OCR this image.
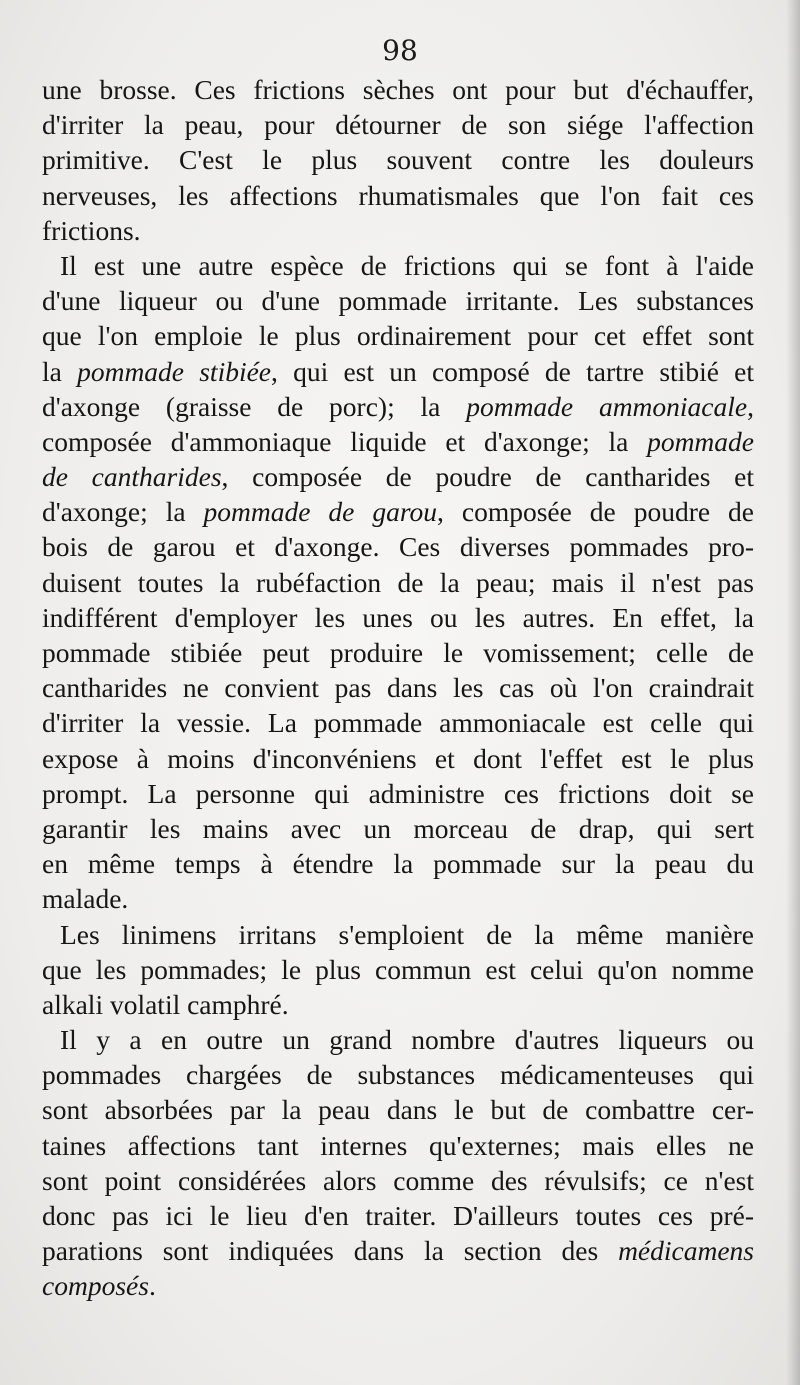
98
une brosse. Ces frictions sèches ont pour but d'échauffer,
d'irriter la peau, pour détourner de son siége l'affection
primitive. C'est le plus souvent contre les douleurs
nerveuses, les affections rhumatismales que l'on fait ces
frictions.
Il est une autre espèce de frictions qui se font à l'aide
d'une liqueur ou d'une pommade irritante. Les substances
que l'on emploie le plus ordinairement pour cet effet sont
la pommade stibiée, qui est un composé de tartre stibié et
d'axonge (graisse de porc); la pommade ammoniacale,
composée d'ammoniaque liquide et d'axonge; la pommade
de cantharides, composée de poudre de cantharides et
d'axonge; la pommade de garou, composée de poudre de
bois de garou et d'axonge. Ces diverses pommades pro-
duisent toutes la rubéfaction de la peau; mais il n'est pas
indifférent d'employer les unes ou les autres. En effet, la
pommade stibiée peut produire le vomissement; celle de
cantharides ne convient pas dans les cas où l'on craindrait
d'irriter la vessie. La pommade ammoniacale est celle qui
expose à moins d'inconvéniens et dont l'effet est le plus
prompt. La personne qui administre ces frictions doit se
garantir les mains avec un morceau de drap, qui sert
en même temps à étendre la pommade sur la peau du
malade.
Les linimens irritans s'emploient de la même manière
que les pommades; le plus commun est celui qu'on nomme
alkali volatil camphré.
Il y a en outre un grand nombre d'autres liqueurs ou
pommades chargées de substances médicamenteuses qui
sont absorbées par la peau dans le but de combattre cer-
taines affections tant internes qu'externes; mais elles ne
sont point considérées alors comme des révulsifs; ce n'est
donc pas ici le lieu d'en traiter. D'ailleurs toutes ces pré-
parations sont indiquées dans la section des médicamens
composés.
